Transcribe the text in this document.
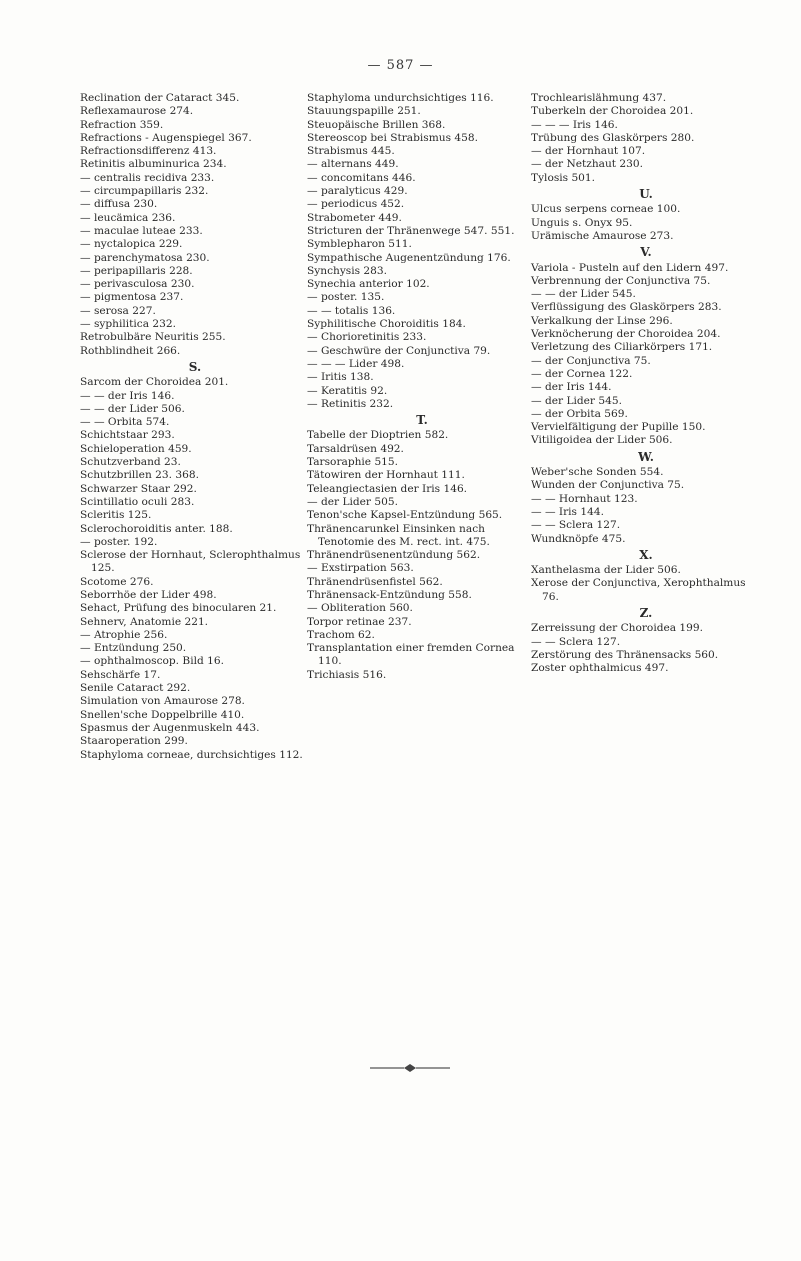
— 587 —
Reclination der Cataract 345.
Reflexamaurose 274.
Refraction 359.
Refractions - Augenspiegel 367.
Refractionsdifferenz 413.
Retinitis albuminurica 234.
— centralis recidiva 233.
— circumpapillaris 232.
— diffusa 230.
— leucämica 236.
— maculae luteae 233.
— nyctalopica 229.
— parenchymatosa 230.
— peripapillaris 228.
— perivasculosa 230.
— pigmentosa 237.
— serosa 227.
— syphilitica 232.
Retrobulbäre Neuritis 255.
Rothblindheit 266.
S.
Sarcom der Choroidea 201.
— — der Iris 146.
— — der Lider 506.
— — Orbita 574.
Schichtstaar 293.
Schieloperation 459.
Schutzverband 23.
Schutzbrillen 23. 368.
Schwarzer Staar 292.
Scintillatio oculi 283.
Scleritis 125.
Sclerochoroiditis anter. 188.
— poster. 192.
Sclerose der Hornhaut, Sclerophthalmus 125.
Scotome 276.
Seborrhöe der Lider 498.
Sehact, Prüfung des binocularen 21.
Sehnerv, Anatomie 221.
— Atrophie 256.
— Entzündung 250.
— ophthalmoscop. Bild 16.
Sehschärfe 17.
Senile Cataract 292.
Simulation von Amaurose 278.
Snellen'sche Doppelbrille 410.
Spasmus der Augenmuskeln 443.
Staaroperation 299.
Staphyloma corneae, durchsichtiges 112.
Staphyloma undurchsichtiges 116.
Stauungspapille 251.
Steuopäische Brillen 368.
Stereoscop bei Strabismus 458.
Strabismus 445.
— alternans 449.
— concomitans 446.
— paralyticus 429.
— periodicus 452.
Strabometer 449.
Stricturen der Thränenwege 547. 551.
Symblepharon 511.
Sympathische Augenentzündung 176.
Synchysis 283.
Synechia anterior 102.
— poster. 135.
— — totalis 136.
Syphilitische Choroiditis 184.
— Chorioretinitis 233.
— Geschwüre der Conjunctiva 79.
— — — Lider 498.
— Iritis 138.
— Keratitis 92.
— Retinitis 232.
T.
Tabelle der Dioptrien 582.
Tarsaldrüsen 492.
Tarsoraphie 515.
Tätowiren der Hornhaut 111.
Teleangiectasien der Iris 146.
— der Lider 505.
Tenon'sche Kapsel-Entzündung 565.
Thränencarunkel Einsinken nach Tenotomie des M. rect. int. 475.
Thränendrüsenentzündung 562.
— Exstirpation 563.
Thränendrüsenfistel 562.
Thränensack-Entzündung 558.
— Obliteration 560.
Torpor retinae 237.
Trachom 62.
Transplantation einer fremden Cornea 110.
Trichiasis 516.
Trochlearislähmung 437.
Tuberkeln der Choroidea 201.
— — — Iris 146.
Trübung des Glaskörpers 280.
— der Hornhaut 107.
— der Netzhaut 230.
Tylosis 501.
U.
Ulcus serpens corneae 100.
Unguis s. Onyx 95.
Urämische Amaurose 273.
V.
Variola - Pusteln auf den Lidern 497.
Verbrennung der Conjunctiva 75.
— — der Lider 545.
Verflüssigung des Glaskörpers 283.
Verkalkung der Linse 296.
Verknöcherung der Choroidea 204.
Verletzung des Ciliarkörpers 171.
— der Conjunctiva 75.
— der Cornea 122.
— der Iris 144.
— der Lider 545.
— der Orbita 569.
Vervielfältigung der Pupille 150.
Vitiligoidea der Lider 506.
W.
Weber'sche Sonden 554.
Wunden der Conjunctiva 75.
— — Hornhaut 123.
— — Iris 144.
— — Sclera 127.
Wundknöpfe 475.
X.
Xanthelasma der Lider 506.
Xerose der Conjunctiva, Xerophthalmus 76.
Z.
Zerreissung der Choroidea 199.
— — Sclera 127.
Zerstörung des Thränensacks 560.
Zoster ophthalmicus 497.
